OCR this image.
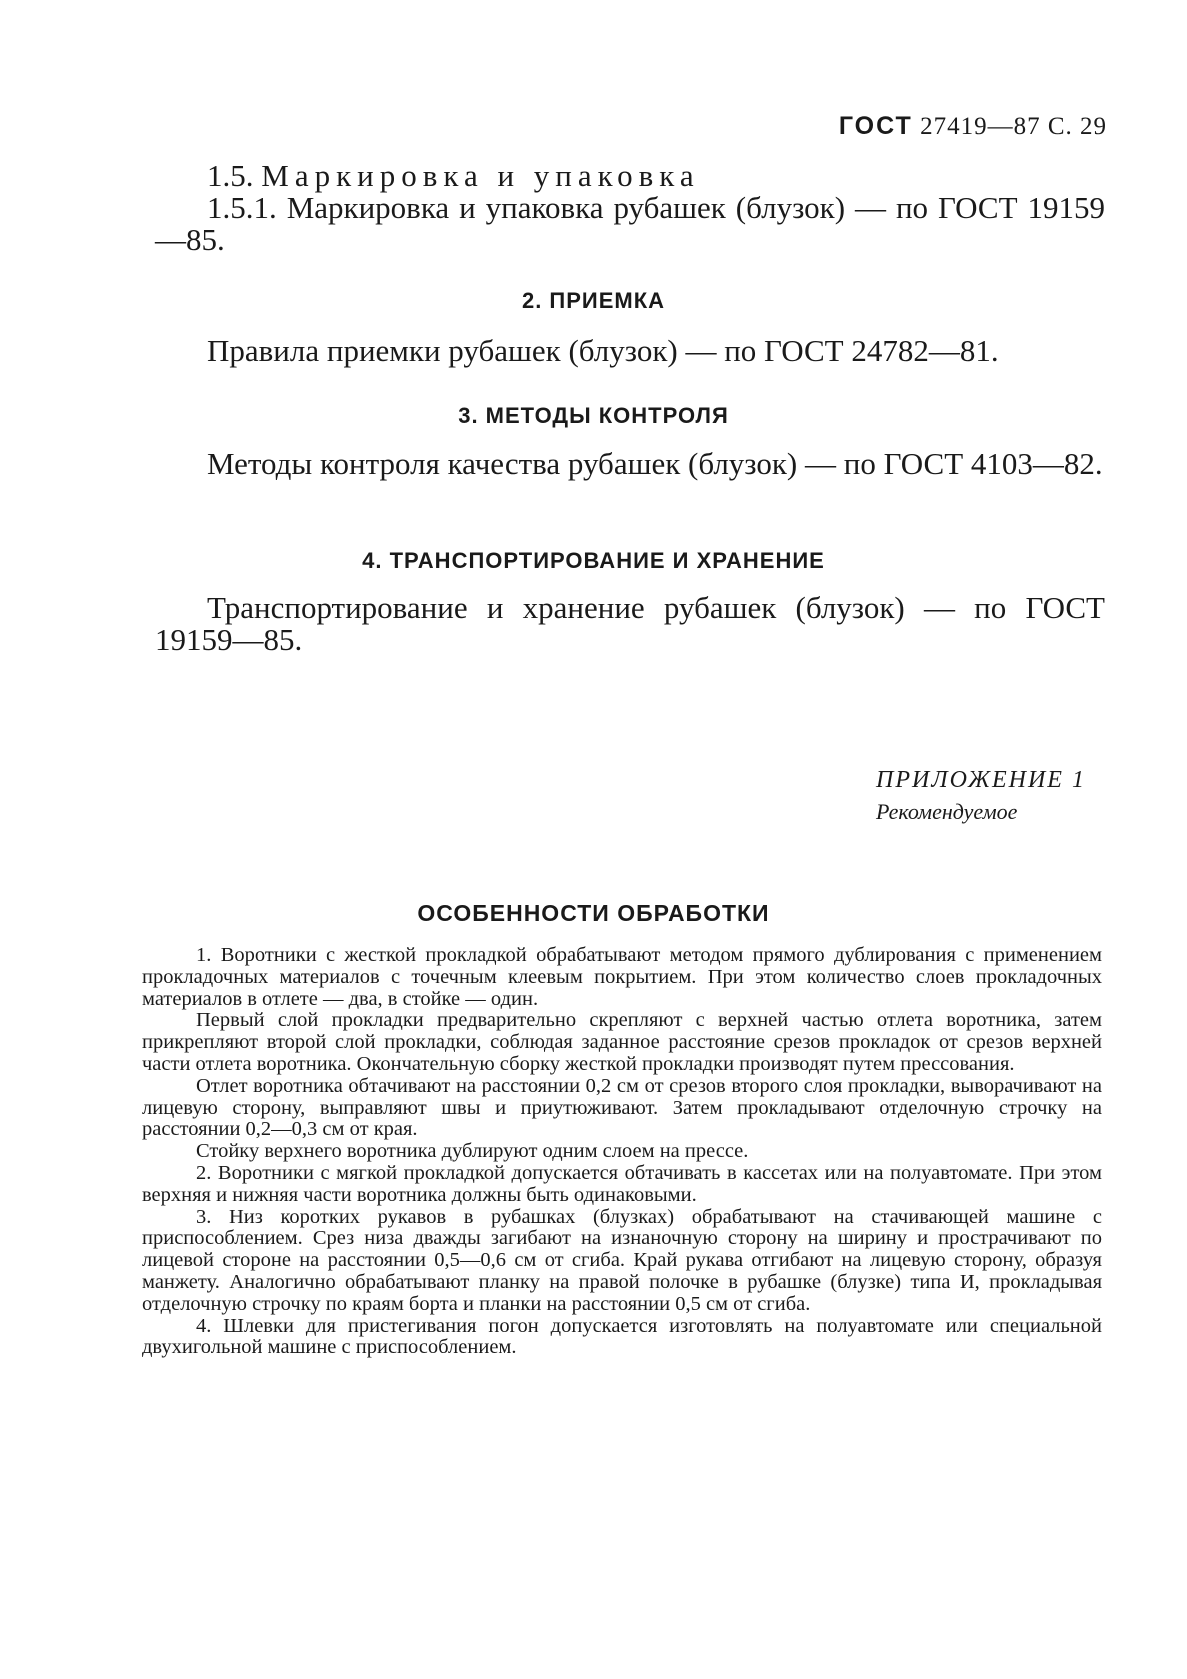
ГОСТ 27419—87 С. 29
1.5. Маркировка и упаковка
1.5.1. Маркировка и упаковка рубашек (блузок) — по ГОСТ 19159—85.
2. ПРИЕМКА
Правила приемки рубашек (блузок) — по ГОСТ 24782—81.
3. МЕТОДЫ КОНТРОЛЯ
Методы контроля качества рубашек (блузок) — по ГОСТ 4103—82.
4. ТРАНСПОРТИРОВАНИЕ И ХРАНЕНИЕ
Транспортирование и хранение рубашек (блузок) — по ГОСТ 19159—85.
ПРИЛОЖЕНИЕ 1
Рекомендуемое
ОСОБЕННОСТИ ОБРАБОТКИ

1. Воротники с жесткой прокладкой обрабатывают методом прямого дублирования с применением прокладочных материалов с точечным клеевым покрытием. При этом количество слоев прокладочных материалов в отлете — два, в стойке — один.

Первый слой прокладки предварительно скрепляют с верхней частью отлета воротника, затем прикрепляют второй слой прокладки, соблюдая заданное расстояние срезов прокладок от срезов верхней части отлета воротника. Окончательную сборку жесткой прокладки производят путем прессования.

Отлет воротника обтачивают на расстоянии 0,2 см от срезов второго слоя прокладки, выворачивают на лицевую сторону, выправляют швы и приутюживают. Затем прокладывают отделочную строчку на расстоянии 0,2—0,3 см от края.

Стойку верхнего воротника дублируют одним слоем на прессе.

2. Воротники с мягкой прокладкой допускается обтачивать в кассетах или на полуавтомате. При этом верхняя и нижняя части воротника должны быть одинаковыми.

3. Низ коротких рукавов в рубашках (блузках) обрабатывают на стачивающей машине с приспособлением. Срез низа дважды загибают на изнаночную сторону на ширину и прострачивают по лицевой стороне на расстоянии 0,5—0,6 см от сгиба. Край рукава отгибают на лицевую сторону, образуя манжету. Аналогично обрабатывают планку на правой полочке в рубашке (блузке) типа И, прокладывая отделочную строчку по краям борта и планки на расстоянии 0,5 см от сгиба.

4. Шлевки для пристегивания погон допускается изготовлять на полуавтомате или специальной двухигольной машине с приспособлением.
